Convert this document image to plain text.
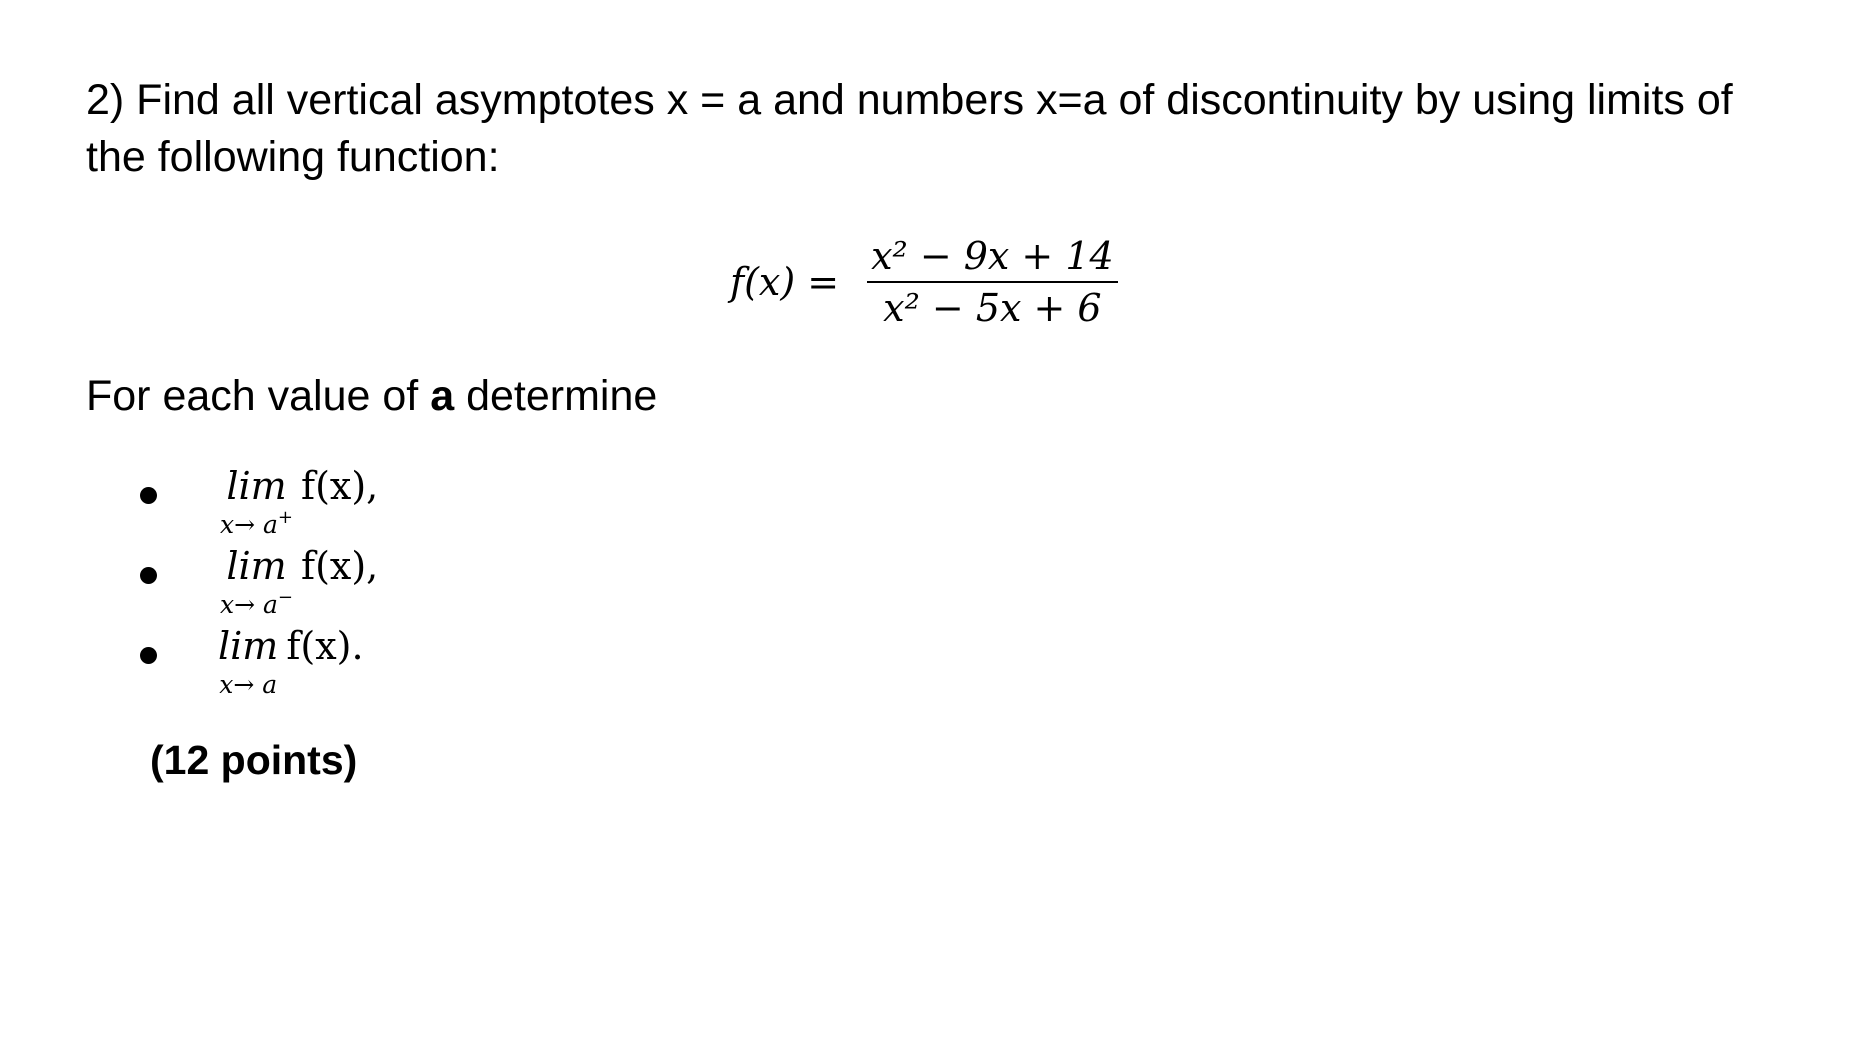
2) Find all vertical asymptotes x = a and numbers x=a of discontinuity by using limits of
the following function:

$f(x) = \frac{\text{x² − 9x + 14}}{\text{x² − 5x + 6}}$

For each value of a determine

lim
x→ a+
f(x),
lim
x→ a−
f(x),
lim
x→ a
f(x).

(12 points)
